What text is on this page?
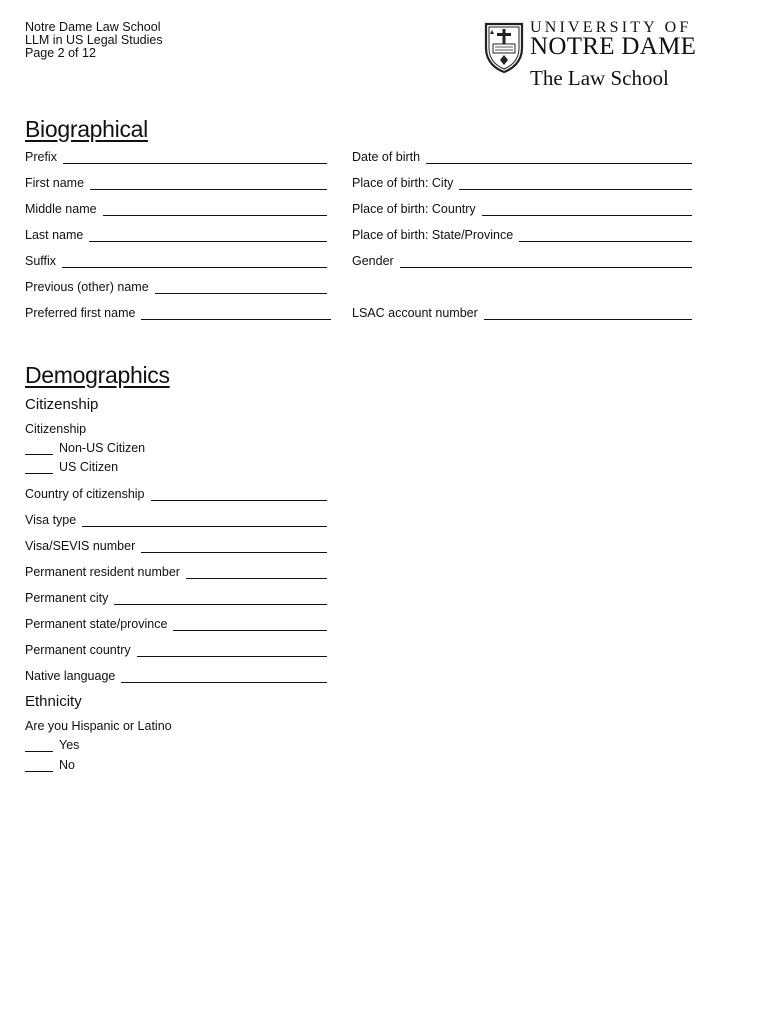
Notre Dame Law School
LLM in US Legal Studies
Page 2 of 12
UNIVERSITY OF
NOTRE DAME
The Law School
Biographical
Prefix
First name
Middle name
Last name
Suffix
Previous (other) name
Preferred first name
Date of birth
Place of birth: City
Place of birth: Country
Place of birth: State/Province
Gender
LSAC account number
Demographics
Citizenship
Citizenship
Non-US Citizen
US Citizen
Country of citizenship
Visa type
Visa/SEVIS number
Permanent resident number
Permanent city
Permanent state/province
Permanent country
Native language
Ethnicity
Are you Hispanic or Latino
Yes
No
